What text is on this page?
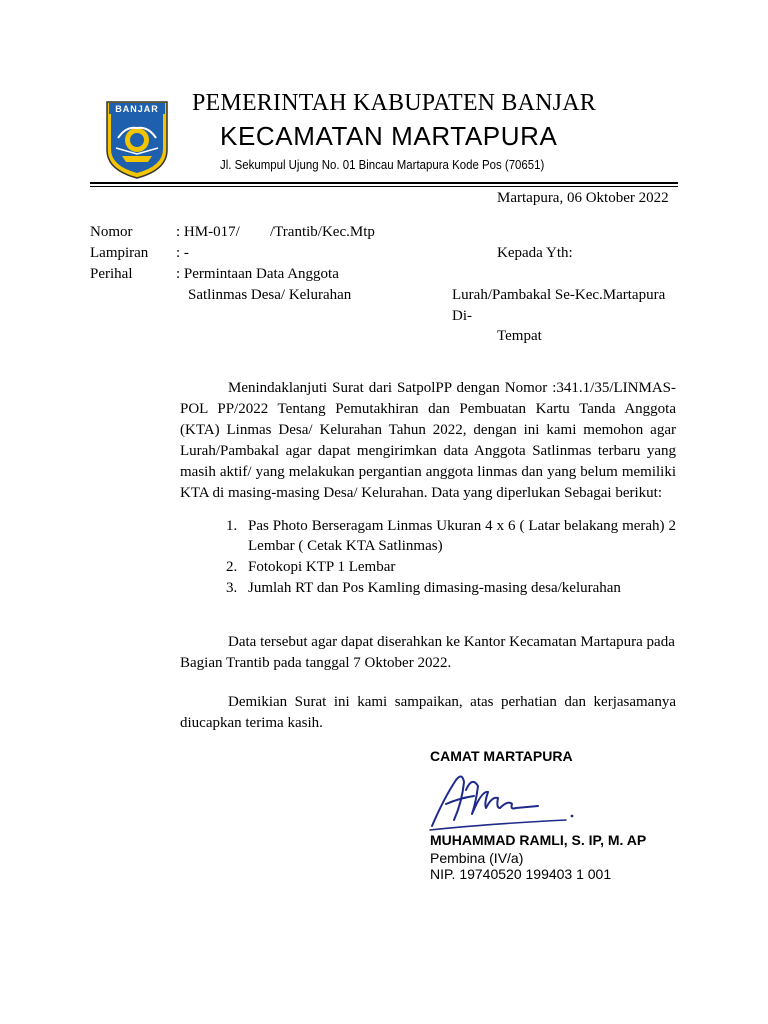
BANJAR PEMERINTAH KABUPATEN BANJAR
KECAMATAN MARTAPURA
Jl. Sekumpul Ujung No. 01 Bincau Martapura Kode Pos (70651)
Martapura, 06 Oktober 2022
Nomor	: HM-017/ /Trantib/Kec.Mtp
Lampiran : -
Perihal	: Permintaan Data Anggota
Satlinmas Desa/ Kelurahan
Kepada Yth:
Lurah/Pambakal Se-Kec.Martapura
Di-
Tempat
Menindaklanjuti Surat dari SatpolPP dengan Nomor :341.1/35/LINMAS-
POL PP/2022 Tentang Pemutakhiran dan Pembuatan Kartu Tanda Anggota
(KTA) Linmas Desa/ Kelurahan Tahun 2022, dengan ini kami memohon agar
Lurah/Pambakal agar dapat mengirimkan data Anggota Satlinmas terbaru yang
masih aktif/ yang melakukan pergantian anggota linmas dan yang belum memiliki
KTA di masing-masing Desa/ Kelurahan. Data yang diperlukan Sebagai berikut:
1. Pas Photo Berseragam Linmas Ukuran 4 x 6 ( Latar belakang merah) 2
Lembar ( Cetak KTA Satlinmas)
2. Fotokopi KTP 1 Lembar
3. Jumlah RT dan Pos Kamling dimasing-masing desa/kelurahan
Data tersebut agar dapat diserahkan ke Kantor Kecamatan Martapura pada
Bagian Trantib pada tanggal 7 Oktober 2022.
Demikian Surat ini kami sampaikan, atas perhatian dan kerjasamanya
diucapkan terima kasih.
CAMAT MARTAPURA
MUHAMMAD RAMLI, S. IP, M. AP
Pembina (IV/a)
NIP. 19740520 199403 1 001
